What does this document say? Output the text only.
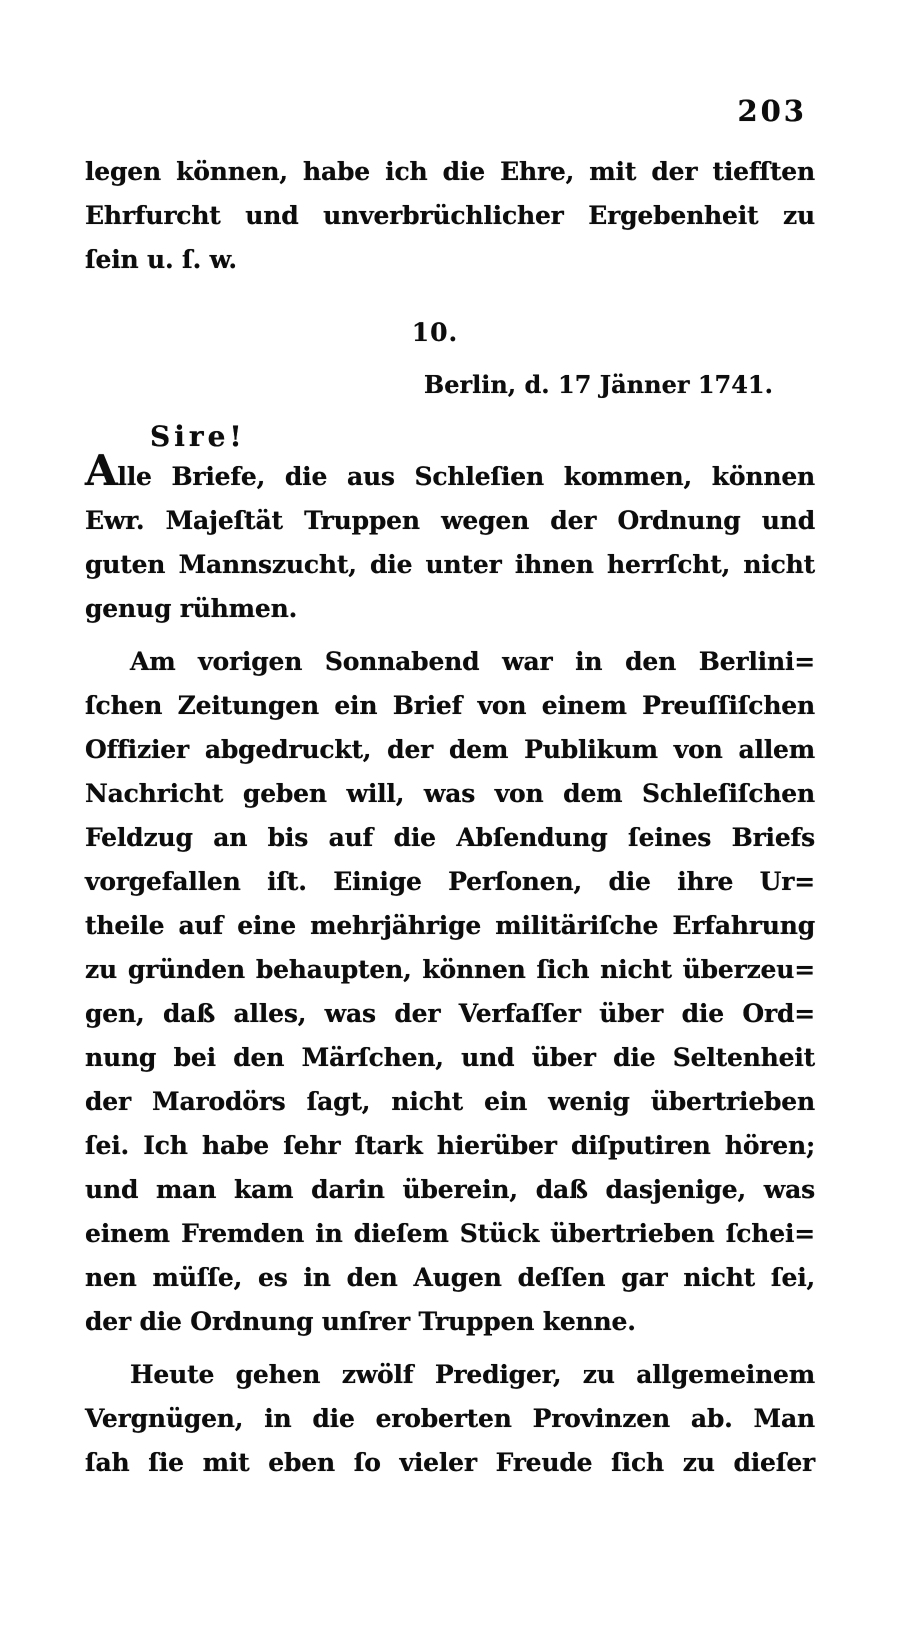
203
legen können, habe ich die Ehre, mit der tiefſten
Ehrfurcht und unverbrüchlicher Ergebenheit zu
ſein u. ſ. w.
10.
Berlin, d. 17 Jänner 1741.
Sire!
Alle Briefe, die aus Schleſien kommen, können
Ewr. Majeſtät Truppen wegen der Ordnung und
guten Mannszucht, die unter ihnen herrſcht, nicht
genug rühmen.
Am vorigen Sonnabend war in den Berlini=
ſchen Zeitungen ein Brief von einem Preuſſiſchen
Offizier abgedruckt, der dem Publikum von allem
Nachricht geben will, was von dem Schleſiſchen
Feldzug an bis auf die Abſendung ſeines Briefs
vorgefallen iſt. Einige Perſonen, die ihre Ur=
theile auf eine mehrjährige militäriſche Erfahrung
zu gründen behaupten, können ſich nicht überzeu=
gen, daß alles, was der Verfaſſer über die Ord=
nung bei den Märſchen, und über die Seltenheit
der Marodörs ſagt, nicht ein wenig übertrieben
ſei. Ich habe ſehr ſtark hierüber diſputiren hören;
und man kam darin überein, daß dasjenige, was
einem Fremden in dieſem Stück übertrieben ſchei=
nen müſſe, es in den Augen deſſen gar nicht ſei,
der die Ordnung unſrer Truppen kenne.
Heute gehen zwölf Prediger, zu allgemeinem
Vergnügen, in die eroberten Provinzen ab. Man
ſah ſie mit eben ſo vieler Freude ſich zu dieſer
